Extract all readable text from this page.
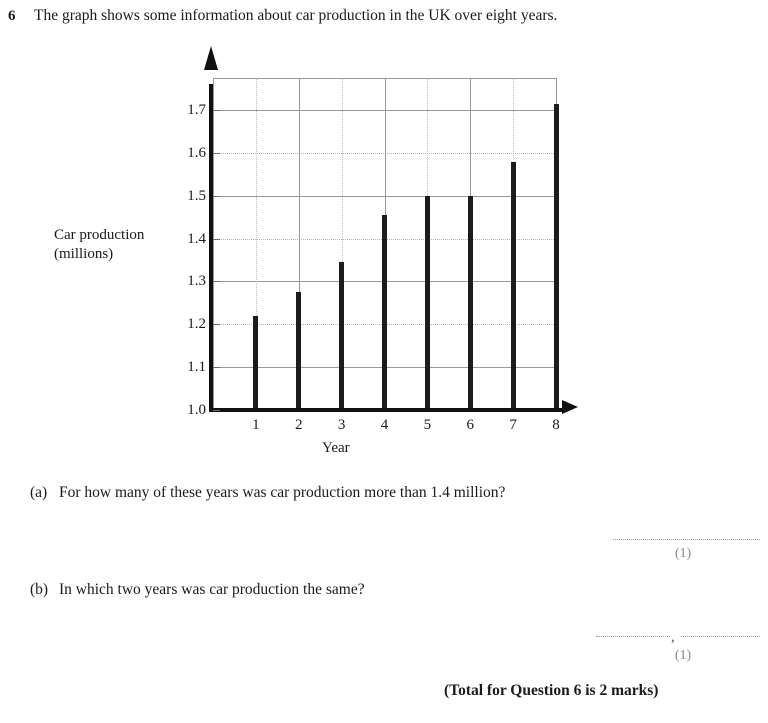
6 The graph shows some information about car production in the UK over eight years.
Car production
(millions)
1.0
1.1
1.2
1.3
1.4
1.5
1.6
1.7
1	2	3	4	5	6	7	8
Year
(a) For how many of these years was car production more than 1.4 million?
(1)
(b) In which two years was car production the same?
,
(1)
(Total for Question 6 is 2 marks)
